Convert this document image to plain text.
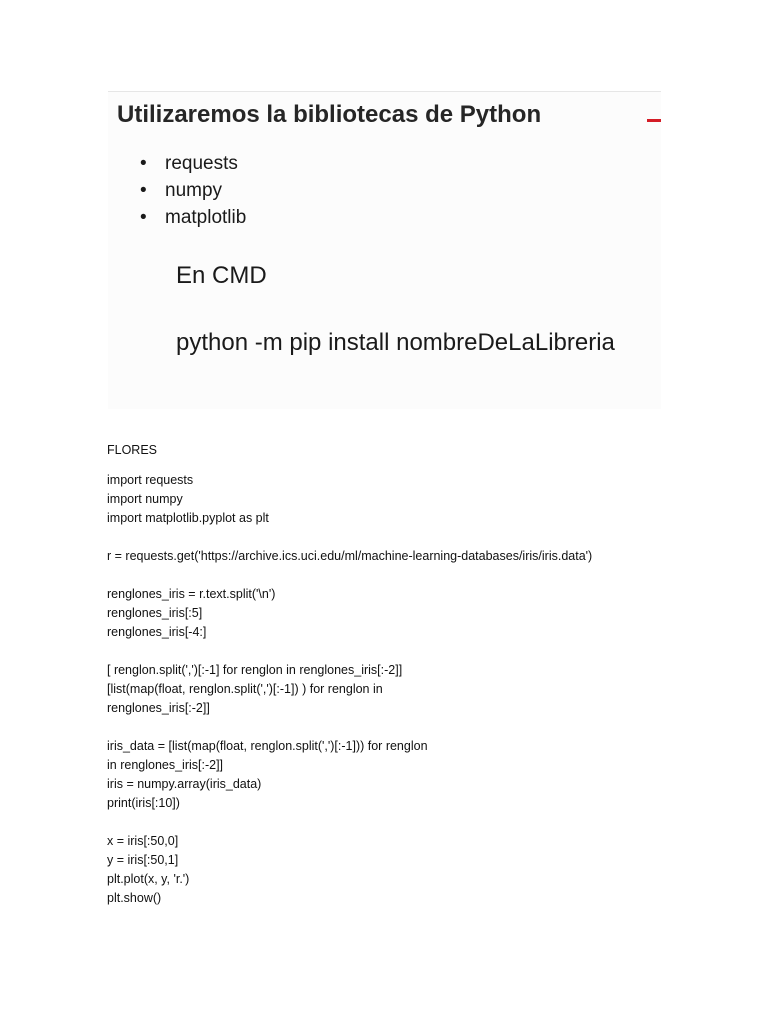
Utilizaremos la bibliotecas de Python
• requests
• numpy
• matplotlib
En CMD
python -m pip install nombreDeLaLibreria
FLORES
import requests
import numpy
import matplotlib.pyplot as plt
r = requests.get('https://archive.ics.uci.edu/ml/machine-learning-databases/iris/iris.data')
renglones_iris = r.text.split('\n')
renglones_iris[:5]
renglones_iris[-4:]
[ renglon.split(',')[:-1] for renglon in renglones_iris[:-2]]
[list(map(float, renglon.split(',')[:-1]) ) for renglon in
renglones_iris[:-2]]
iris_data = [list(map(float, renglon.split(',')[:-1])) for renglon
in renglones_iris[:-2]]
iris = numpy.array(iris_data)
print(iris[:10])
x = iris[:50,0]
y = iris[:50,1]
plt.plot(x, y, 'r.')
plt.show()
